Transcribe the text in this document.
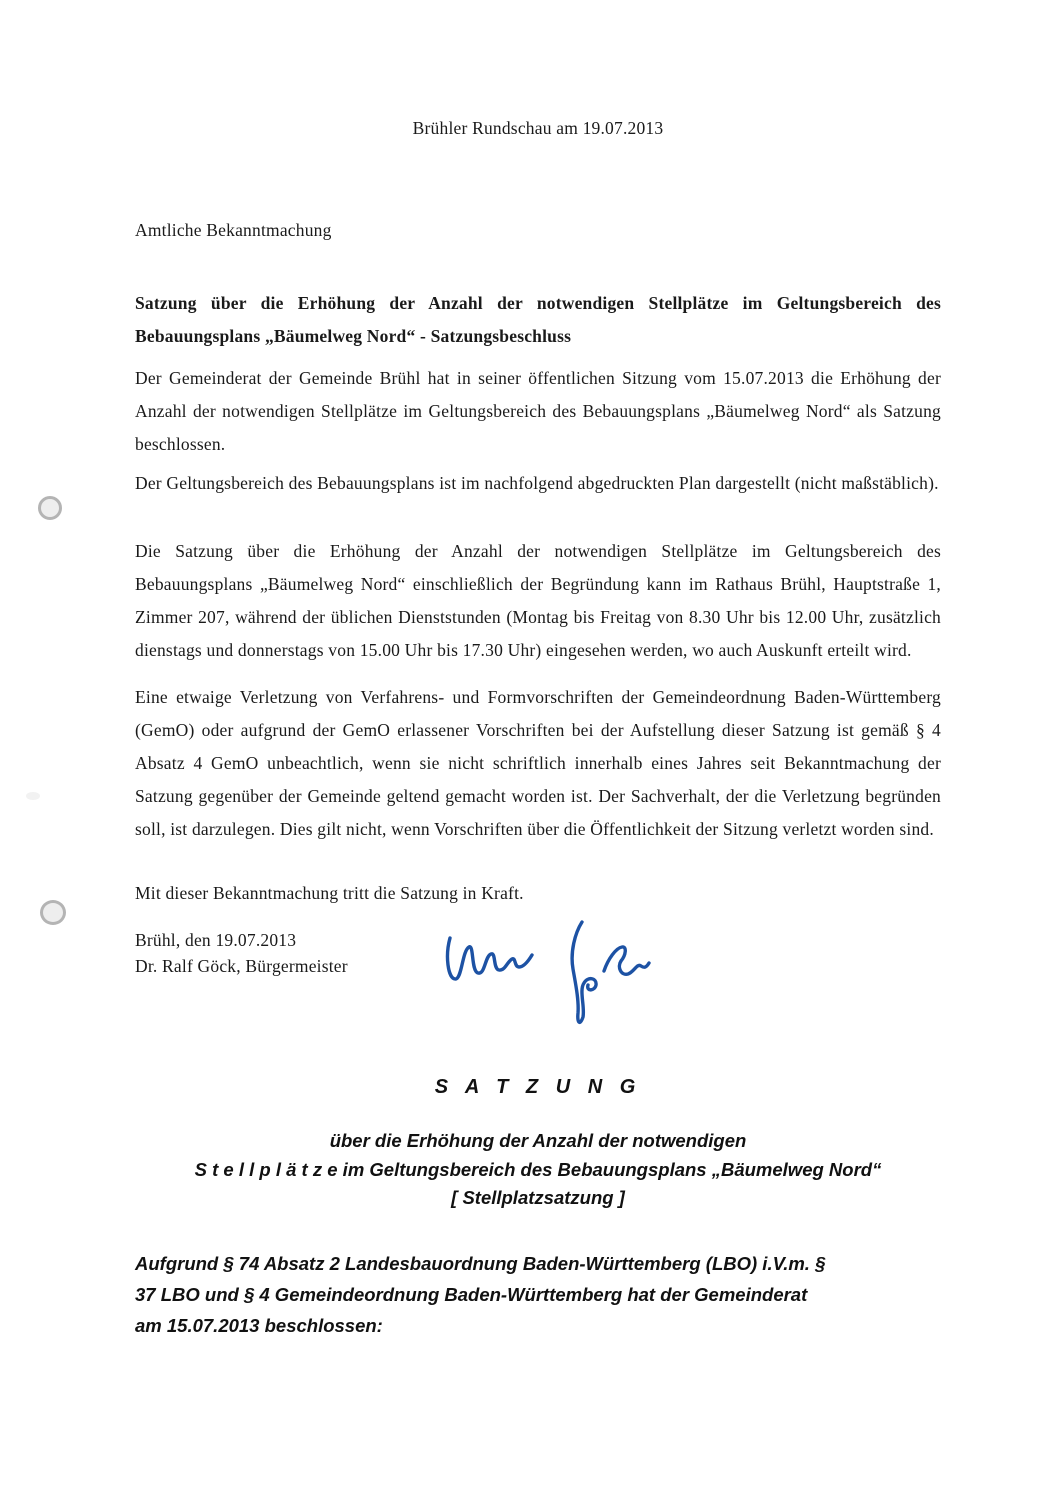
Brühler Rundschau am 19.07.2013
Amtliche Bekanntmachung
Satzung über die Erhöhung der Anzahl der notwendigen Stellplätze im Geltungsbereich des Bebauungsplans „Bäumelweg Nord“ - Satzungsbeschluss

Der Gemeinderat der Gemeinde Brühl hat in seiner öffentlichen Sitzung vom 15.07.2013 die Erhöhung der Anzahl der notwendigen Stellplätze im Geltungsbereich des Bebauungsplans „Bäumelweg Nord“ als Satzung beschlossen.

Der Geltungsbereich des Bebauungsplans ist im nachfolgend abgedruckten Plan dargestellt (nicht maßstäblich).

Die Satzung über die Erhöhung der Anzahl der notwendigen Stellplätze im Geltungsbereich des Bebauungsplans „Bäumelweg Nord“ einschließlich der Begründung kann im Rathaus Brühl, Hauptstraße 1, Zimmer 207, während der üblichen Dienststunden (Montag bis Freitag von 8.30 Uhr bis 12.00 Uhr, zusätzlich dienstags und donnerstags von 15.00 Uhr bis 17.30 Uhr) eingesehen werden, wo auch Auskunft erteilt wird.

Eine etwaige Verletzung von Verfahrens- und Formvorschriften der Gemeindeordnung Baden-Württemberg (GemO) oder aufgrund der GemO erlassener Vorschriften bei der Aufstellung dieser Satzung ist gemäß § 4 Absatz 4 GemO unbeachtlich, wenn sie nicht schriftlich innerhalb eines Jahres seit Bekanntmachung der Satzung gegenüber der Gemeinde geltend gemacht worden ist. Der Sachverhalt, der die Verletzung begründen soll, ist darzulegen. Dies gilt nicht, wenn Vorschriften über die Öffentlichkeit der Sitzung verletzt worden sind.

Mit dieser Bekanntmachung tritt die Satzung in Kraft.

Brühl, den 19.07.2013
Dr. Ralf Göck, Bürgermeister
S A T Z U N G
über die Erhöhung der Anzahl der notwendigen
S t e l l p l ä t z e im Geltungsbereich des Bebauungsplans „Bäumelweg Nord“
[ Stellplatzsatzung ]

Aufgrund § 74 Absatz 2 Landesbauordnung Baden-Württemberg (LBO) i.V.m. § 37 LBO und § 4 Gemeindeordnung Baden-Württemberg hat der Gemeinderat am 15.07.2013 beschlossen:
